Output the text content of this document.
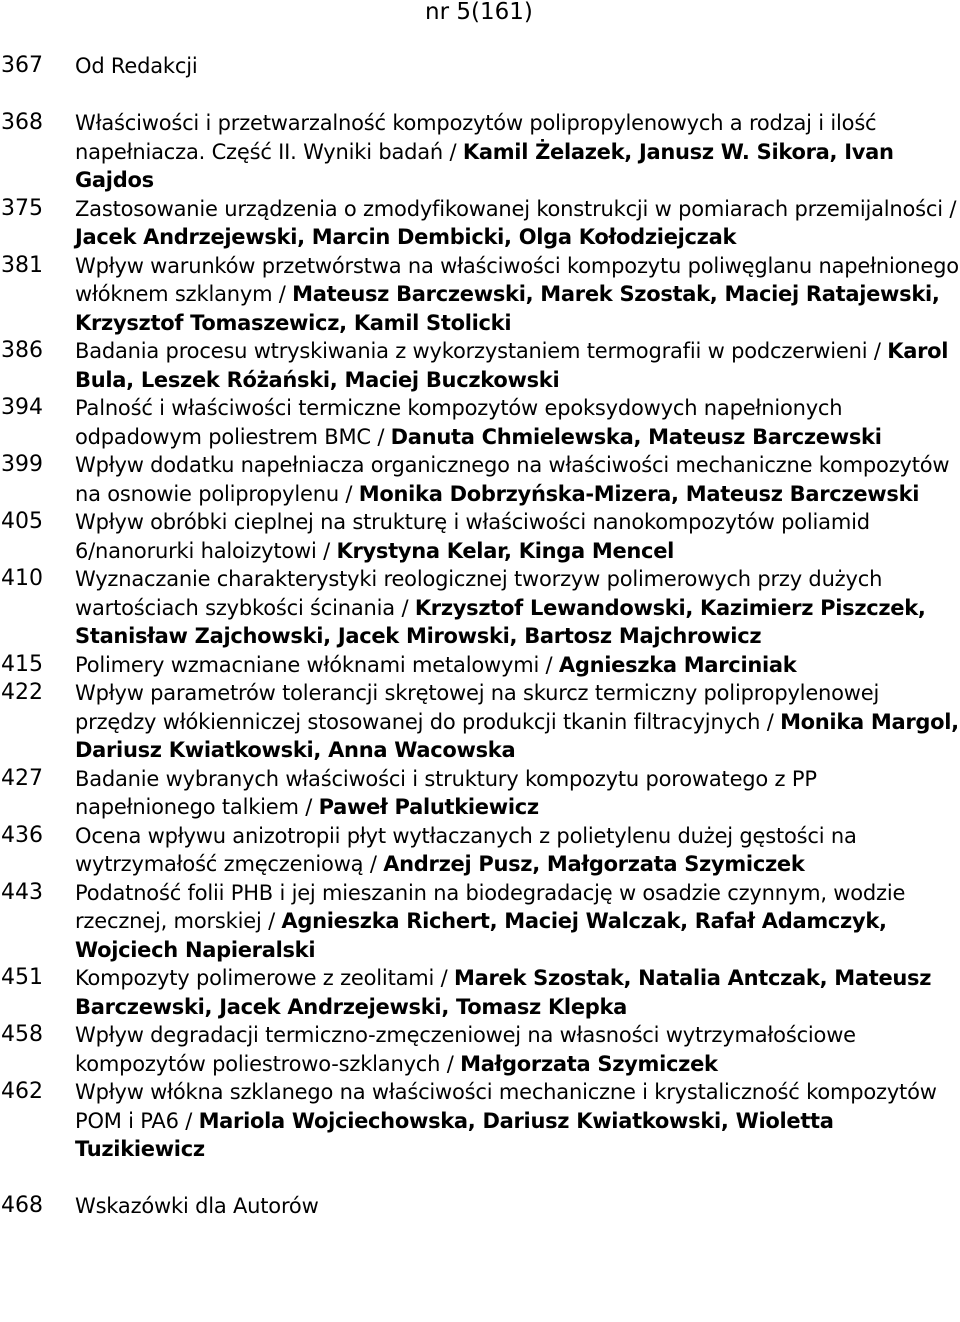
nr 5(161)
367	Od Redakcji
368	Właściwości i przetwarzalność kompozytów polipropylenowych a rodzaj i ilość napełniacza. Część II. Wyniki badań / Kamil Żelazek, Janusz W. Sikora, Ivan Gajdos
375	Zastosowanie urządzenia o zmodyfikowanej konstrukcji w pomiarach przemijalności / Jacek Andrzejewski, Marcin Dembicki, Olga Kołodziejczak
381	Wpływ warunków przetwórstwa na właściwości kompozytu poliwęglanu napełnionego włóknem szklanym / Mateusz Barczewski, Marek Szostak, Maciej Ratajewski, Krzysztof Tomaszewicz, Kamil Stolicki
386	Badania procesu wtryskiwania z wykorzystaniem termografii w podczerwieni / Karol Bula, Leszek Różański, Maciej Buczkowski
394	Palność i właściwości termiczne kompozytów epoksydowych napełnionych odpadowym poliestrem BMC / Danuta Chmielewska, Mateusz Barczewski
399	Wpływ dodatku napełniacza organicznego na właściwości mechaniczne kompozytów na osnowie polipropylenu / Monika Dobrzyńska-Mizera, Mateusz Barczewski
405	Wpływ obróbki cieplnej na strukturę i właściwości nanokompozytów poliamid 6/nanorurki haloizytowi / Krystyna Kelar, Kinga Mencel
410	Wyznaczanie charakterystyki reologicznej tworzyw polimerowych przy dużych wartościach szybkości ścinania / Krzysztof Lewandowski, Kazimierz Piszczek, Stanisław Zajchowski, Jacek Mirowski, Bartosz Majchrowicz
415	Polimery wzmacniane włóknami metalowymi / Agnieszka Marciniak
422	Wpływ parametrów tolerancji skrętowej na skurcz termiczny polipropylenowej przędzy włókienniczej stosowanej do produkcji tkanin filtracyjnych / Monika Margol, Dariusz Kwiatkowski, Anna Wacowska
427	Badanie wybranych właściwości i struktury kompozytu porowatego z PP napełnionego talkiem / Paweł Palutkiewicz
436	Ocena wpływu anizotropii płyt wytłaczanych z polietylenu dużej gęstości na wytrzymałość zmęczeniową / Andrzej Pusz, Małgorzata Szymiczek
443	Podatność folii PHB i jej mieszanin na biodegradację w osadzie czynnym, wodzie rzecznej, morskiej / Agnieszka Richert, Maciej Walczak, Rafał Adamczyk, Wojciech Napieralski
451	Kompozyty polimerowe z zeolitami / Marek Szostak, Natalia Antczak, Mateusz Barczewski, Jacek Andrzejewski, Tomasz Klepka
458	Wpływ degradacji termiczno-zmęczeniowej na własności wytrzymałościowe kompozytów poliestrowo-szklanych / Małgorzata Szymiczek
462	Wpływ włókna szklanego na właściwości mechaniczne i krystaliczność kompozytów POM i PA6 / Mariola Wojciechowska, Dariusz Kwiatkowski, Wioletta Tuzikiewicz
468	Wskazówki dla Autorów
